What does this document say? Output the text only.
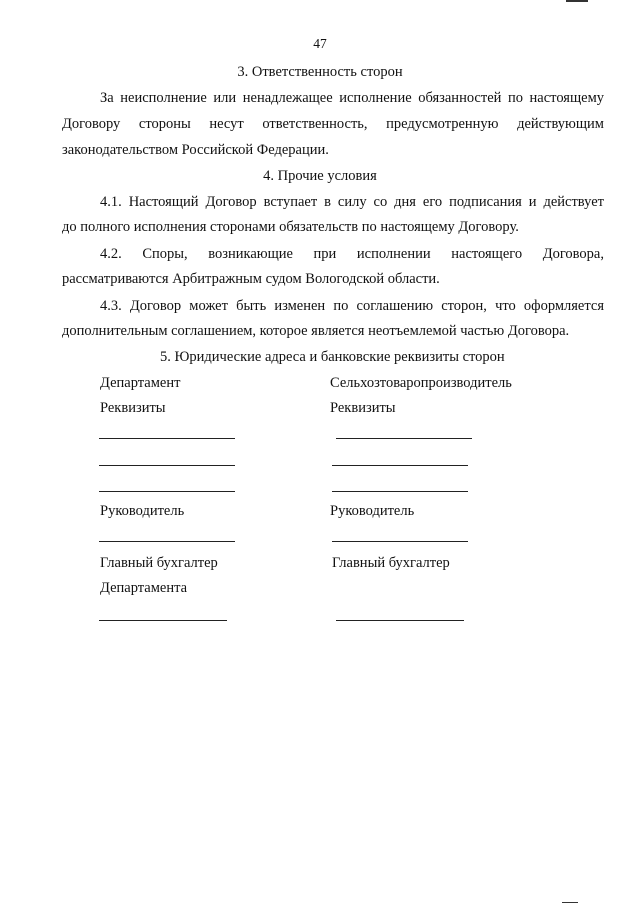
47
3. Ответственность сторон
За неисполнение или ненадлежащее исполнение обязанностей по настоящему
Договору стороны несут ответственность, предусмотренную действующим
законодательством Российской Федерации.
4. Прочие условия
4.1. Настоящий Договор вступает в силу со дня его подписания и действует
до полного исполнения сторонами обязательств по настоящему Договору.
4.2. Споры, возникающие при исполнении настоящего Договора,
рассматриваются Арбитражным судом Вологодской области.
4.3. Договор может быть изменен по соглашению сторон, что оформляется
дополнительным соглашением, которое является неотъемлемой частью Договора.
5. Юридические адреса и банковские реквизиты сторон
Департамент
Реквизиты
Руководитель
Главный бухгалтер
Департамента
Сельхозтоваропроизводитель
Реквизиты
Руководитель
Главный бухгалтер
